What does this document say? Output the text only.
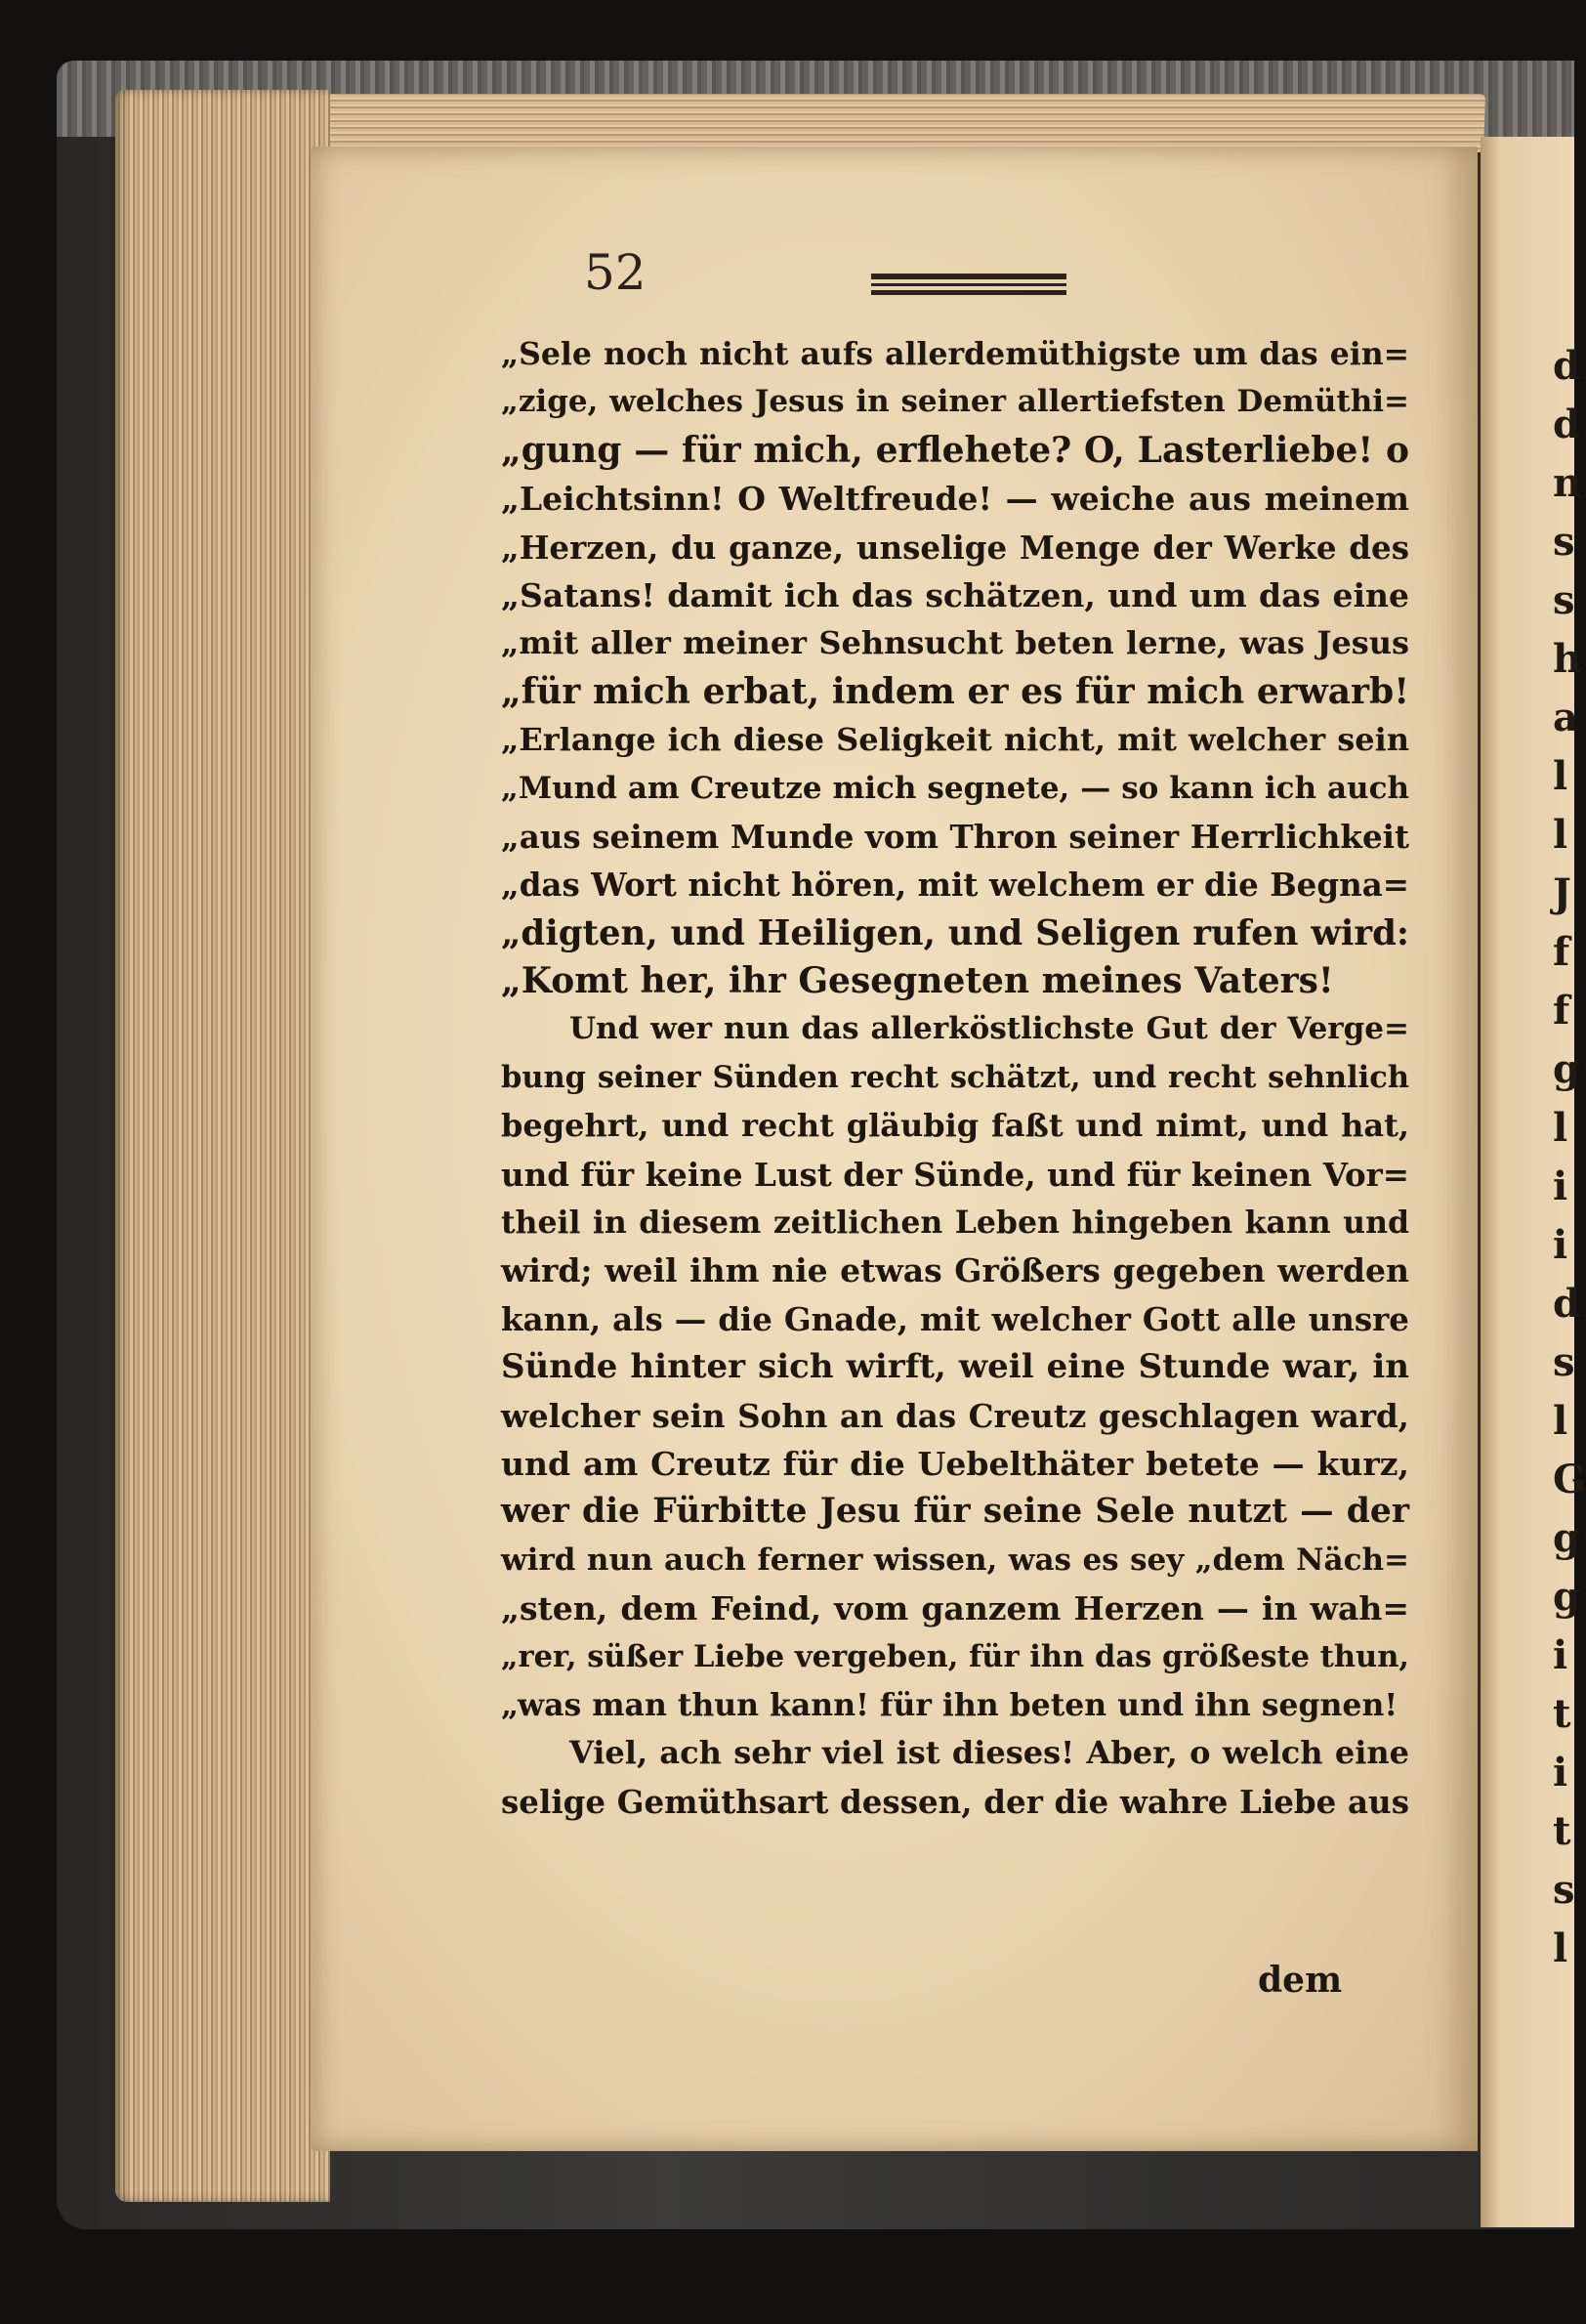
d
d
n
s
s
h
a
l
l
J
f
f
g
l
i
i
d
s
l
G
g
g
i
t
i
t
s
l

52

„Sele noch nicht aufs allerdemüthigste um das ein=
„zige, welches Jesus in seiner allertiefsten Demüthi=
„gung — für mich, erflehete? O, Lasterliebe! o
„Leichtsinn! O Weltfreude! — weiche aus meinem
„Herzen, du ganze, unselige Menge der Werke des
„Satans! damit ich das schätzen, und um das eine
„mit aller meiner Sehnsucht beten lerne, was Jesus
„für mich erbat, indem er es für mich erwarb!
„Erlange ich diese Seligkeit nicht, mit welcher sein
„Mund am Creutze mich segnete, — so kann ich auch
„aus seinem Munde vom Thron seiner Herrlichkeit
„das Wort nicht hören, mit welchem er die Begna=
„digten, und Heiligen, und Seligen rufen wird:
„Komt her, ihr Gesegneten meines Vaters!
Und wer nun das allerköstlichste Gut der Verge=
bung seiner Sünden recht schätzt, und recht sehnlich
begehrt, und recht gläubig faßt und nimt, und hat,
und für keine Lust der Sünde, und für keinen Vor=
theil in diesem zeitlichen Leben hingeben kann und
wird; weil ihm nie etwas Größers gegeben werden
kann, als — die Gnade, mit welcher Gott alle unsre
Sünde hinter sich wirft, weil eine Stunde war, in
welcher sein Sohn an das Creutz geschlagen ward,
und am Creutz für die Uebelthäter betete — kurz,
wer die Fürbitte Jesu für seine Sele nutzt — der
wird nun auch ferner wissen, was es sey „dem Näch=
„sten, dem Feind, vom ganzem Herzen — in wah=
„rer, süßer Liebe vergeben, für ihn das größeste thun,
„was man thun kann! für ihn beten und ihn segnen!
Viel, ach sehr viel ist dieses! Aber, o welch eine
selige Gemüthsart dessen, der die wahre Liebe aus
dem
